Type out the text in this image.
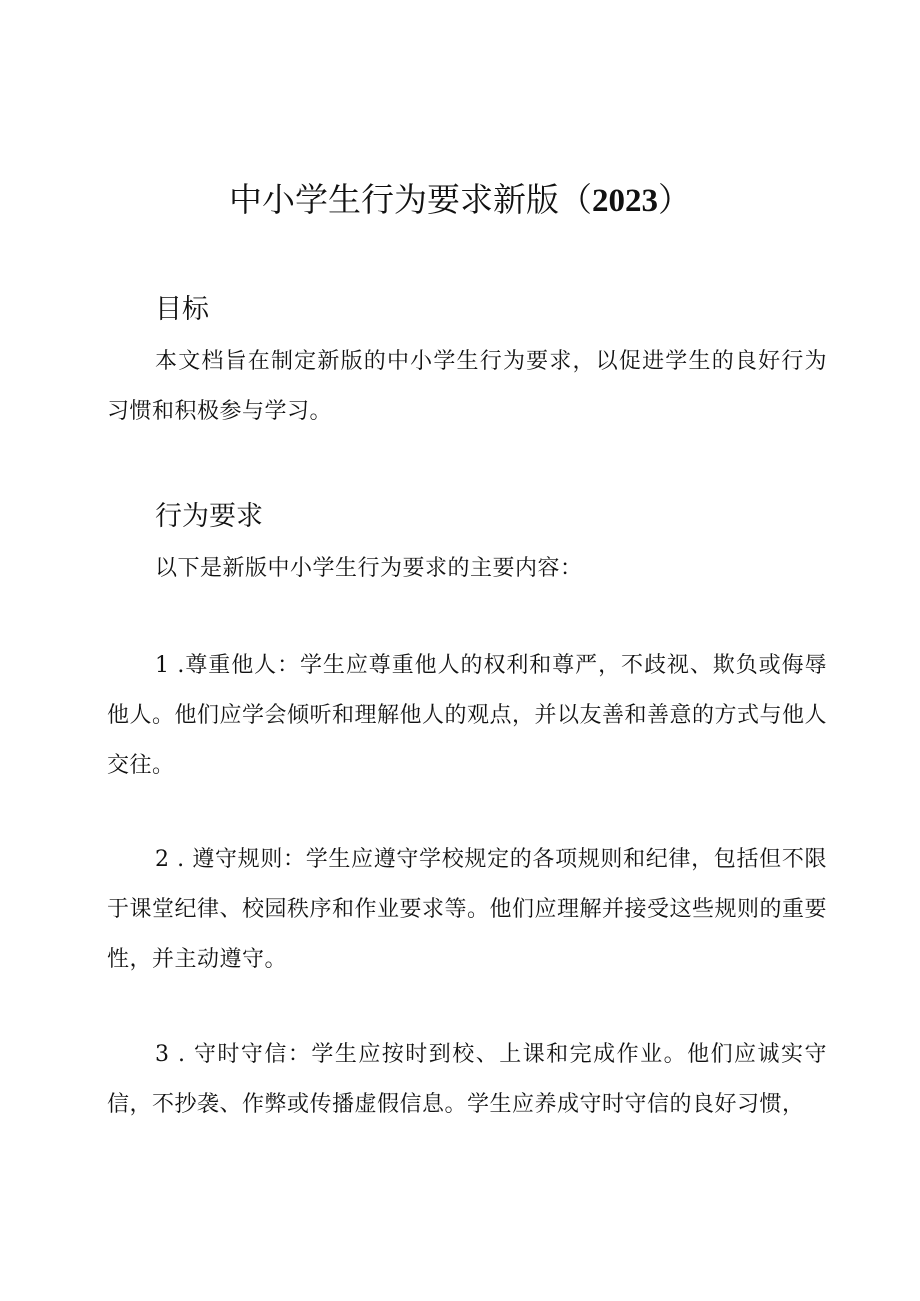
中小学生行为要求新版（2023）
目标

本文档旨在制定新版的中小学生行为要求，以促进学生的良好行为习惯和积极参与学习。

行为要求

以下是新版中小学生行为要求的主要内容：

1 .尊重他人：学生应尊重他人的权利和尊严，不歧视、欺负或侮辱他人。他们应学会倾听和理解他人的观点，并以友善和善意的方式与他人交往。

2 . 遵守规则：学生应遵守学校规定的各项规则和纪律，包括但不限于课堂纪律、校园秩序和作业要求等。他们应理解并接受这些规则的重要性，并主动遵守。

3 . 守时守信：学生应按时到校、上课和完成作业。他们应诚实守信，不抄袭、作弊或传播虚假信息。学生应养成守时守信的良好习惯，
